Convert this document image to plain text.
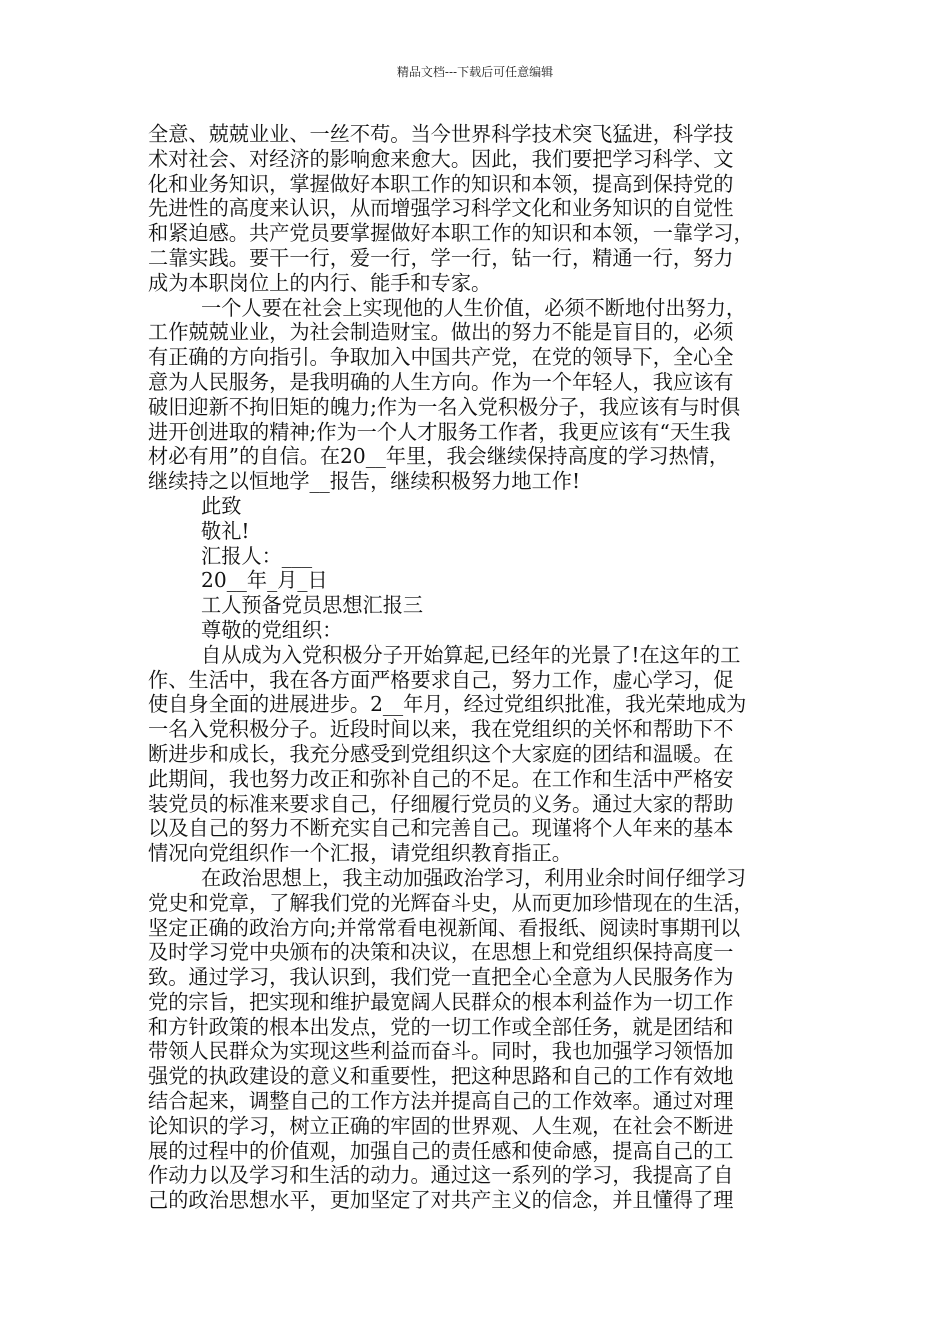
精品文档---下载后可任意编辑
全意、兢兢业业、一丝不苟。当今世界科学技术突飞猛进，科学技
术对社会、对经济的影响愈来愈大。因此，我们要把学习科学、文
化和业务知识，掌握做好本职工作的知识和本领，提高到保持党的
先进性的高度来认识，从而增强学习科学文化和业务知识的自觉性
和紧迫感。共产党员要掌握做好本职工作的知识和本领，一靠学习，
二靠实践。要干一行，爱一行，学一行，钻一行，精通一行，努力
成为本职岗位上的内行、能手和专家。
一个人要在社会上实现他的人生价值，必须不断地付出努力，
工作兢兢业业，为社会制造财宝。做出的努力不能是盲目的，必须
有正确的方向指引。争取加入中国共产党，在党的领导下，全心全
意为人民服务，是我明确的人生方向。作为一个年轻人，我应该有
破旧迎新不拘旧矩的魄力;作为一名入党积极分子，我应该有与时俱
进开创进取的精神;作为一个人才服务工作者，我更应该有“天生我
材必有用”的自信。在20__年里，我会继续保持高度的学习热情，
继续持之以恒地学__报告，继续积极努力地工作!
此致
敬礼!
汇报人：___
20__年_月_日
工人预备党员思想汇报三
尊敬的党组织：
自从成为入党积极分子开始算起,已经年的光景了!在这年的工
作、生活中，我在各方面严格要求自己，努力工作，虚心学习，促
使自身全面的进展进步。2__年月，经过党组织批准，我光荣地成为
一名入党积极分子。近段时间以来，我在党组织的关怀和帮助下不
断进步和成长，我充分感受到党组织这个大家庭的团结和温暖。在
此期间，我也努力改正和弥补自己的不足。在工作和生活中严格安
装党员的标准来要求自己，仔细履行党员的义务。通过大家的帮助
以及自己的努力不断充实自己和完善自己。现谨将个人年来的基本
情况向党组织作一个汇报，请党组织教育指正。
在政治思想上，我主动加强政治学习，利用业余时间仔细学习
党史和党章，了解我们党的光辉奋斗史，从而更加珍惜现在的生活，
坚定正确的政治方向;并常常看电视新闻、看报纸、阅读时事期刊以
及时学习党中央颁布的决策和决议，在思想上和党组织保持高度一
致。通过学习，我认识到，我们党一直把全心全意为人民服务作为
党的宗旨，把实现和维护最宽阔人民群众的根本利益作为一切工作
和方针政策的根本出发点，党的一切工作或全部任务，就是团结和
带领人民群众为实现这些利益而奋斗。同时，我也加强学习领悟加
强党的执政建设的意义和重要性，把这种思路和自己的工作有效地
结合起来，调整自己的工作方法并提高自己的工作效率。通过对理
论知识的学习，树立正确的牢固的世界观、人生观，在社会不断进
展的过程中的价值观，加强自己的责任感和使命感，提高自己的工
作动力以及学习和生活的动力。通过这一系列的学习，我提高了自
己的政治思想水平，更加坚定了对共产主义的信念，并且懂得了理
